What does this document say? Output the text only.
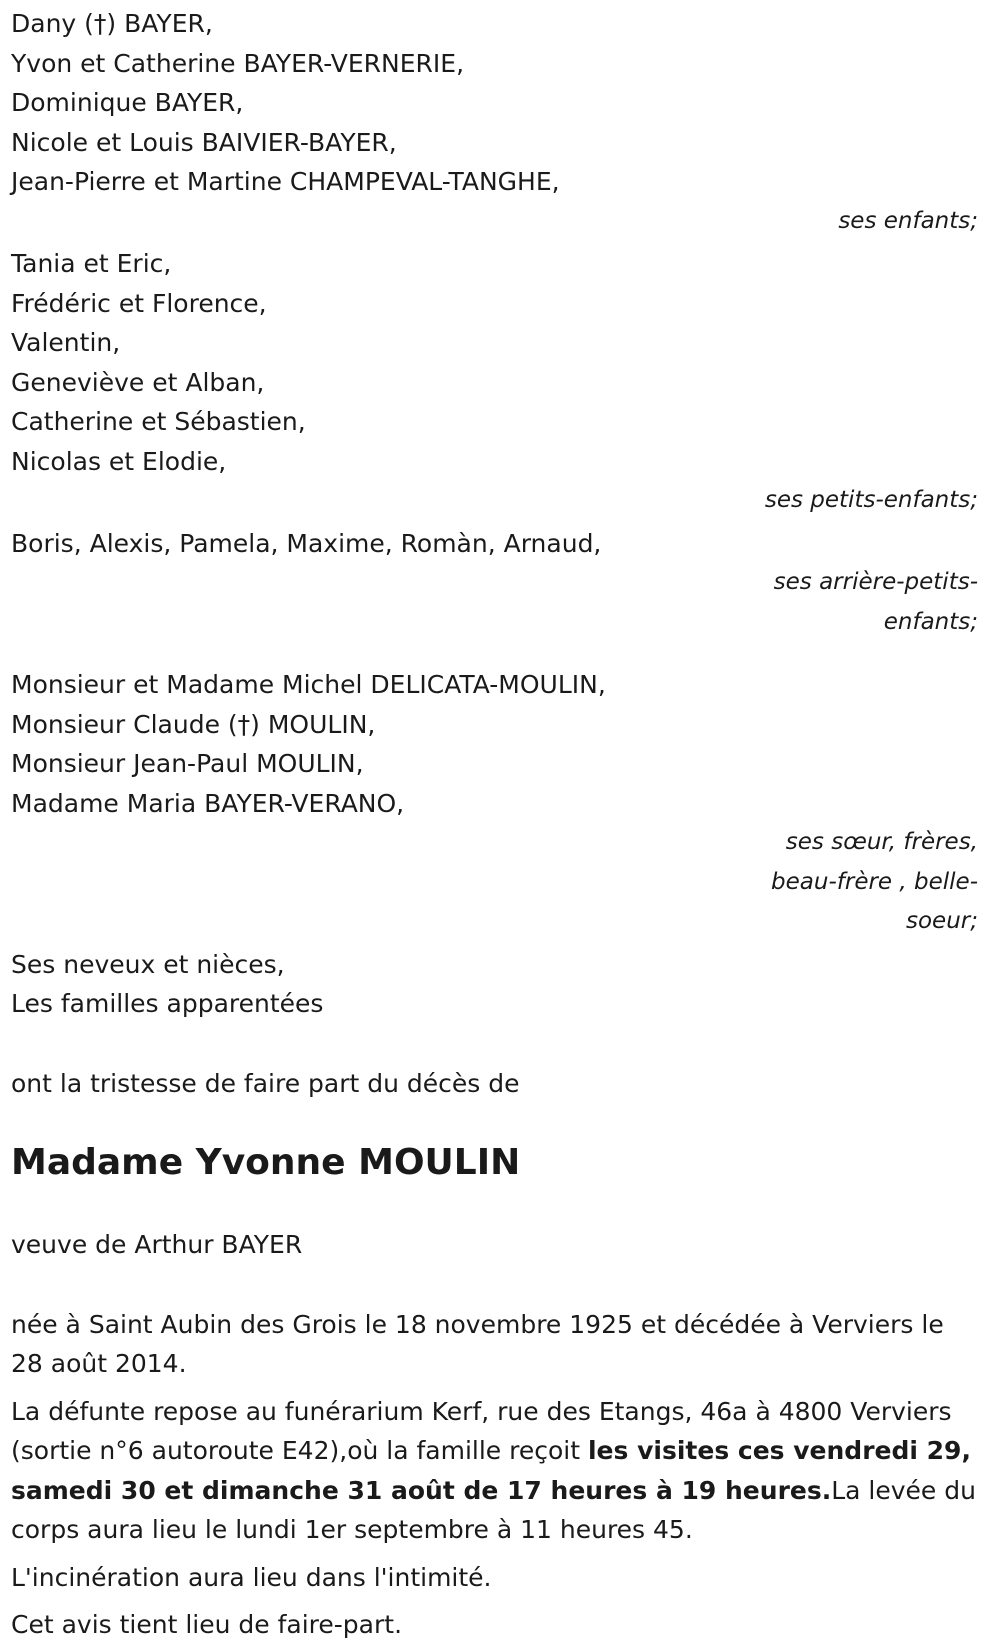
Dany (†) BAYER,
Yvon et Catherine BAYER-VERNERIE,
Dominique BAYER,
Nicole et Louis BAIVIER-BAYER,
Jean-Pierre et Martine CHAMPEVAL-TANGHE,
ses enfants;
Tania et Eric,
Frédéric et Florence,
Valentin,
Geneviève et Alban,
Catherine et Sébastien,
Nicolas et Elodie,
ses petits-enfants;
Boris, Alexis, Pamela, Maxime, Romàn, Arnaud,
ses arrière-petits-enfants;
Monsieur et Madame Michel DELICATA-MOULIN,
Monsieur Claude (†) MOULIN,
Monsieur Jean-Paul MOULIN,
Madame Maria BAYER-VERANO,
ses sœur, frères, beau-frère , belle-soeur;
Ses neveux et nièces,
Les familles apparentées
ont la tristesse de faire part du décès de
Madame Yvonne MOULIN
veuve de Arthur BAYER

née à Saint Aubin des Grois le 18 novembre 1925 et décédée à Verviers le 28 août 2014.

La défunte repose au funérarium Kerf, rue des Etangs, 46a à 4800 Verviers (sortie n°6 autoroute E42),où la famille reçoit les visites ces vendredi 29, samedi 30 et dimanche 31 août de 17 heures à 19 heures.La levée du corps aura lieu le lundi 1er septembre à 11 heures 45.

L'incinération aura lieu dans l'intimité.

Cet avis tient lieu de faire-part.
